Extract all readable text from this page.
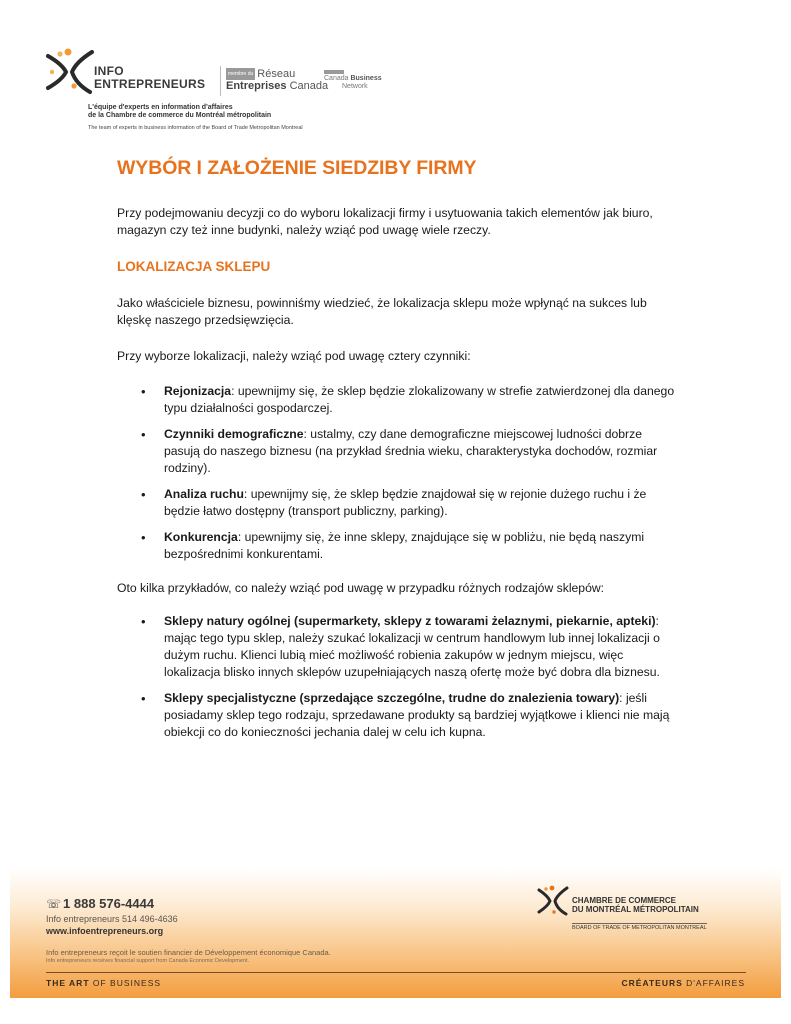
INFO
ENTREPRENEURS
membre du Réseau
Entreprises Canada
Canada Business
Network
L'équipe d'experts en information d'affaires
de la Chambre de commerce du Montréal métropolitain
The team of experts in business information of the Board of Trade Metropolitan Montreal
WYBÓR I ZAŁOŻENIE SIEDZIBY FIRMY

Przy podejmowaniu decyzji co do wyboru lokalizacji firmy i usytuowania takich elementów jak biuro, magazyn czy też inne budynki, należy wziąć pod uwagę wiele rzeczy.

LOKALIZACJA SKLEPU

Jako właściciele biznesu, powinniśmy wiedzieć, że lokalizacja sklepu może wpłynąć na sukces lub klęskę naszego przedsięwzięcia.

Przy wyborze lokalizacji, należy wziąć pod uwagę cztery czynniki:

• Rejonizacja: upewnijmy się, że sklep będzie zlokalizowany w strefie zatwierdzonej dla danego typu działalności gospodarczej.
• Czynniki demograficzne: ustalmy, czy dane demograficzne miejscowej ludności dobrze pasują do naszego biznesu (na przykład średnia wieku, charakterystyka dochodów, rozmiar rodziny).
• Analiza ruchu: upewnijmy się, że sklep będzie znajdował się w rejonie dużego ruchu i że będzie łatwo dostępny (transport publiczny, parking).
• Konkurencja: upewnijmy się, że inne sklepy, znajdujące się w pobliżu, nie będą naszymi bezpośrednimi konkurentami.

Oto kilka przykładów, co należy wziąć pod uwagę w przypadku różnych rodzajów sklepów:

• Sklepy natury ogólnej (supermarkety, sklepy z towarami żelaznymi, piekarnie, apteki): mając tego typu sklep, należy szukać lokalizacji w centrum handlowym lub innej lokalizacji o dużym ruchu. Klienci lubią mieć możliwość robienia zakupów w jednym miejscu, więc lokalizacja blisko innych sklepów uzupełniających naszą ofertę może być dobra dla biznesu.
• Sklepy specjalistyczne (sprzedające szczególne, trudne do znalezienia towary): jeśli posiadamy sklep tego rodzaju, sprzedawane produkty są bardziej wyjątkowe i klienci nie mają obiekcji co do konieczności jechania dalej w celu ich kupna.
☏ 1 888 576-4444
Info entrepreneurs 514 496-4636
www.infoentrepreneurs.org
Info entrepreneurs reçoit le soutien financier de Développement économique Canada.
Info entrepreneurs receives financial support from Canada Economic Development.
CHAMBRE DE COMMERCE
DU MONTRÉAL MÉTROPOLITAIN
BOARD OF TRADE OF METROPOLITAN MONTREAL
THE ART OF BUSINESS	CRÉATEURS D'AFFAIRES
